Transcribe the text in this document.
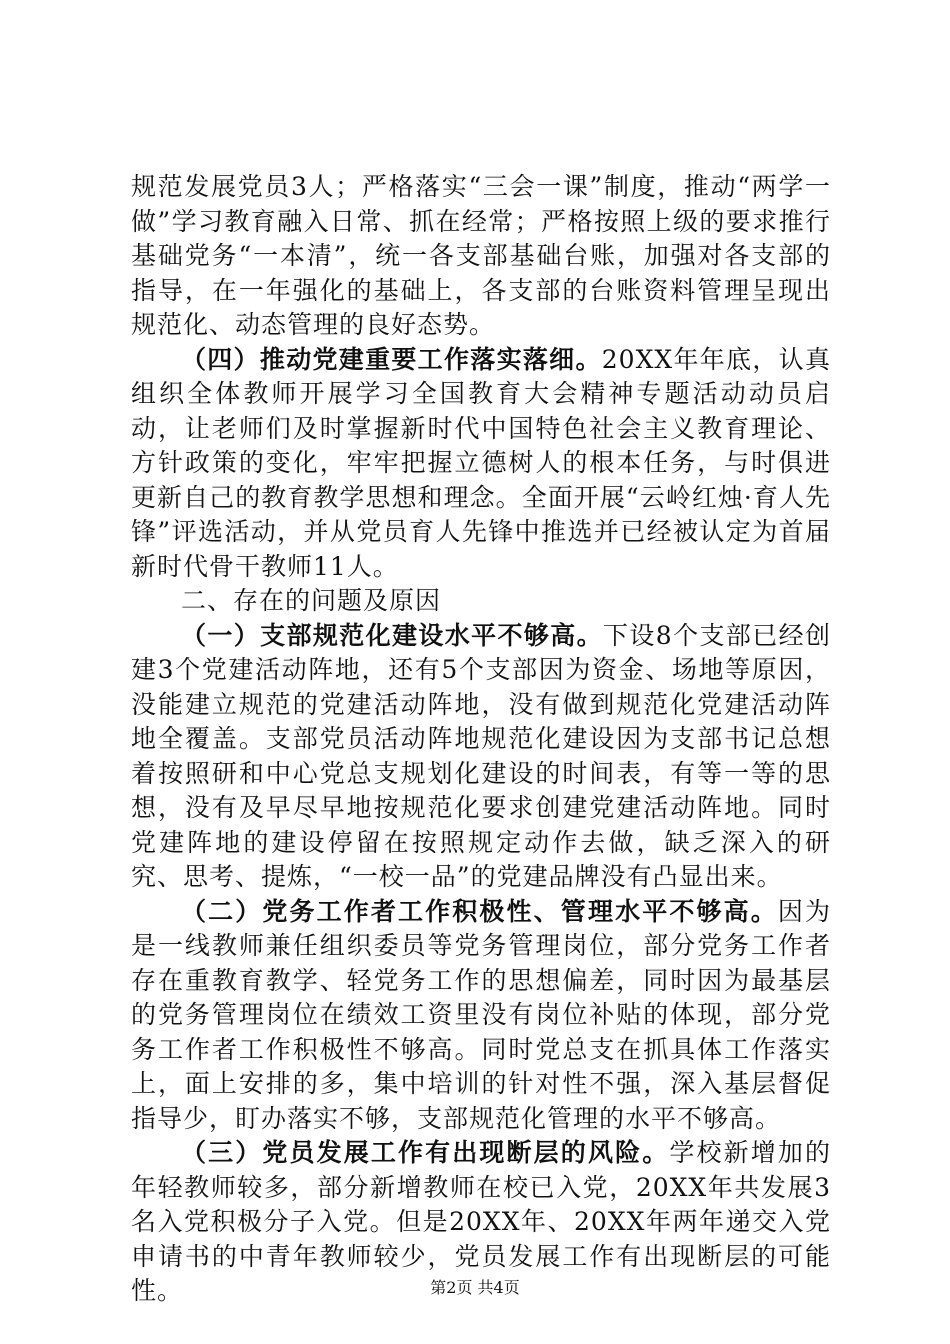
规范发展党员3人；严格落实“三会一课”制度，推动“两学一做”学习教育融入日常、抓在经常；严格按照上级的要求推行基础党务“一本清”，统一各支部基础台账，加强对各支部的指导，在一年强化的基础上，各支部的台账资料管理呈现出规范化、动态管理的良好态势。

（四）推动党建重要工作落实落细。20XX年年底，认真组织全体教师开展学习全国教育大会精神专题活动动员启动，让老师们及时掌握新时代中国特色社会主义教育理论、方针政策的变化，牢牢把握立德树人的根本任务，与时俱进更新自己的教育教学思想和理念。全面开展“云岭红烛·育人先锋”评选活动，并从党员育人先锋中推选并已经被认定为首届新时代骨干教师11人。

二、存在的问题及原因

（一）支部规范化建设水平不够高。下设8个支部已经创建3个党建活动阵地，还有5个支部因为资金、场地等原因，没能建立规范的党建活动阵地，没有做到规范化党建活动阵地全覆盖。支部党员活动阵地规范化建设因为支部书记总想着按照研和中心党总支规划化建设的时间表，有等一等的思想，没有及早尽早地按规范化要求创建党建活动阵地。同时党建阵地的建设停留在按照规定动作去做，缺乏深入的研究、思考、提炼，“一校一品”的党建品牌没有凸显出来。

（二）党务工作者工作积极性、管理水平不够高。因为是一线教师兼任组织委员等党务管理岗位，部分党务工作者存在重教育教学、轻党务工作的思想偏差，同时因为最基层的党务管理岗位在绩效工资里没有岗位补贴的体现，部分党务工作者工作积极性不够高。同时党总支在抓具体工作落实上，面上安排的多，集中培训的针对性不强，深入基层督促指导少，盯办落实不够，支部规范化管理的水平不够高。

（三）党员发展工作有出现断层的风险。学校新增加的年轻教师较多，部分新增教师在校已入党，20XX年共发展3名入党积极分子入党。但是20XX年、20XX年两年递交入党申请书的中青年教师较少，党员发展工作有出现断层的可能性。	第2页 共4页
